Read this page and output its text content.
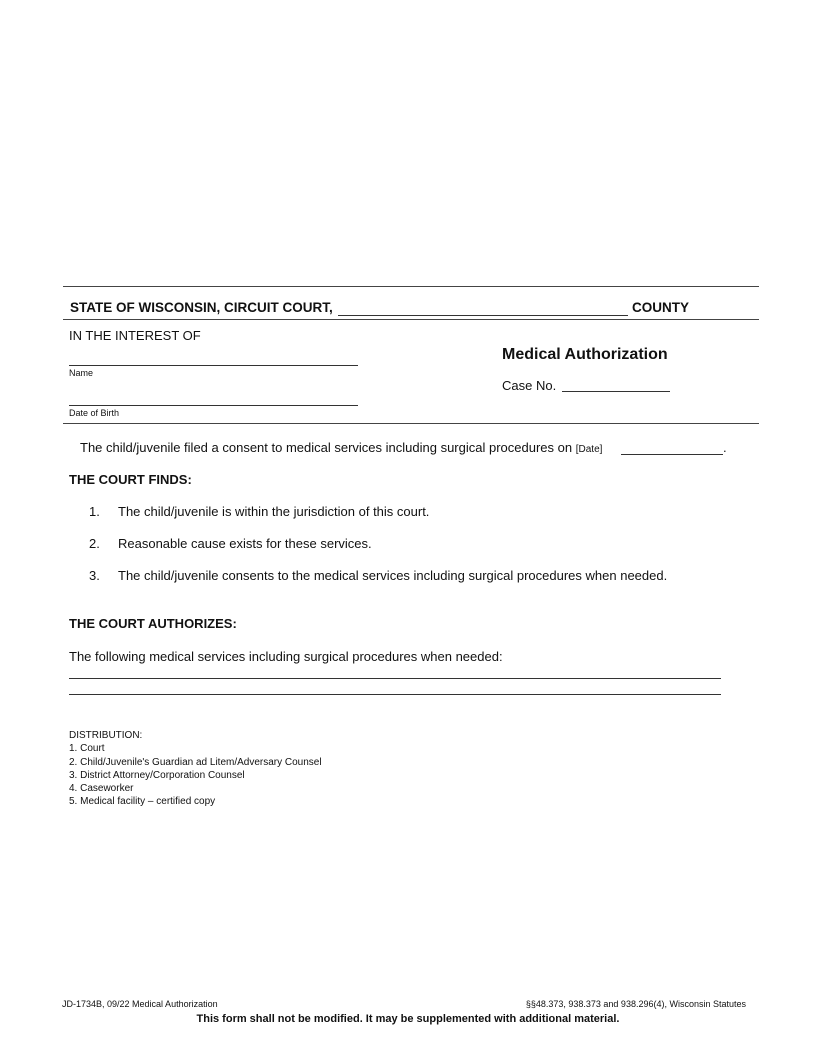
STATE OF WISCONSIN, CIRCUIT COURT,	COUNTY
IN THE INTEREST OF
Name
Date of Birth
Medical Authorization
Case No.
The child/juvenile filed a consent to medical services including surgical procedures on [Date]	.
THE COURT FINDS:
1. The child/juvenile is within the jurisdiction of this court.
2. Reasonable cause exists for these services.
3. The child/juvenile consents to the medical services including surgical procedures when needed.
THE COURT AUTHORIZES:
The following medical services including surgical procedures when needed:
DISTRIBUTION:
1. Court
2. Child/Juvenile's Guardian ad Litem/Adversary Counsel
3. District Attorney/Corporation Counsel
4. Caseworker
5. Medical facility – certified copy
JD-1734B, 09/22 Medical Authorization	§§48.373, 938.373 and 938.296(4), Wisconsin Statutes
This form shall not be modified. It may be supplemented with additional material.
